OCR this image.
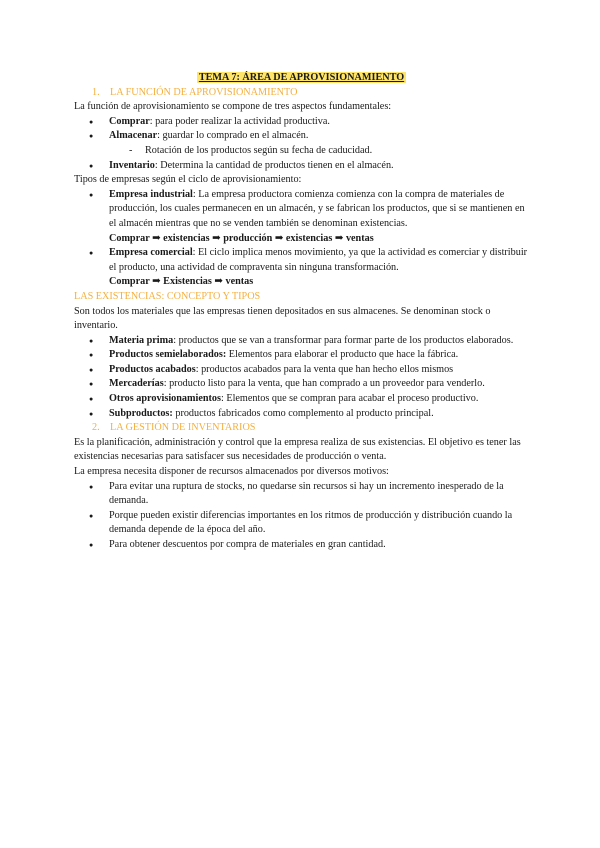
TEMA 7: ÁREA DE APROVISIONAMIENTO
1. LA FUNCIÓN DE APROVISIONAMIENTO

La función de aprovisionamiento se compone de tres aspectos fundamentales:

● Comprar: para poder realizar la actividad productiva.
● Almacenar: guardar lo comprado en el almacén.
- Rotación de los productos según su fecha de caducidad.
● Inventario: Determina la cantidad de productos tienen en el almacén.

Tipos de empresas según el ciclo de aprovisionamiento:

● Empresa industrial: La empresa productora comienza comienza con la compra de materiales de producción, los cuales permanecen en un almacén, y se fabrican los productos, que si se mantienen en el almacén mientras que no se venden también se denominan existencias.
Comprar ➡ existencias ➡ producción ➡ existencias ➡ ventas
● Empresa comercial: El ciclo implica menos movimiento, ya que la actividad es comerciar y distribuir el producto, una actividad de compraventa sin ninguna transformación.
Comprar ➡ Existencias ➡ ventas
LAS EXISTENCIAS: CONCEPTO Y TIPOS

Son todos los materiales que las empresas tienen depositados en sus almacenes. Se denominan stock o inventario.

● Materia prima: productos que se van a transformar para formar parte de los productos elaborados.
● Productos semielaborados: Elementos para elaborar el producto que hace la fábrica.
● Productos acabados: productos acabados para la venta que han hecho ellos mismos
● Mercaderías: producto listo para la venta, que han comprado a un proveedor para venderlo.
● Otros aprovisionamientos: Elementos que se compran para acabar el proceso productivo.
● Subproductos: productos fabricados como complemento al producto principal.
2. LA GESTIÓN DE INVENTARIOS

Es la planificación, administración y control que la empresa realiza de sus existencias. El objetivo es tener las existencias necesarias para satisfacer sus necesidades de producción o venta.

La empresa necesita disponer de recursos almacenados por diversos motivos:

● Para evitar una ruptura de stocks, no quedarse sin recursos si hay un incremento inesperado de la demanda.
● Porque pueden existir diferencias importantes en los ritmos de producción y distribución cuando la demanda depende de la época del año.
● Para obtener descuentos por compra de materiales en gran cantidad.
